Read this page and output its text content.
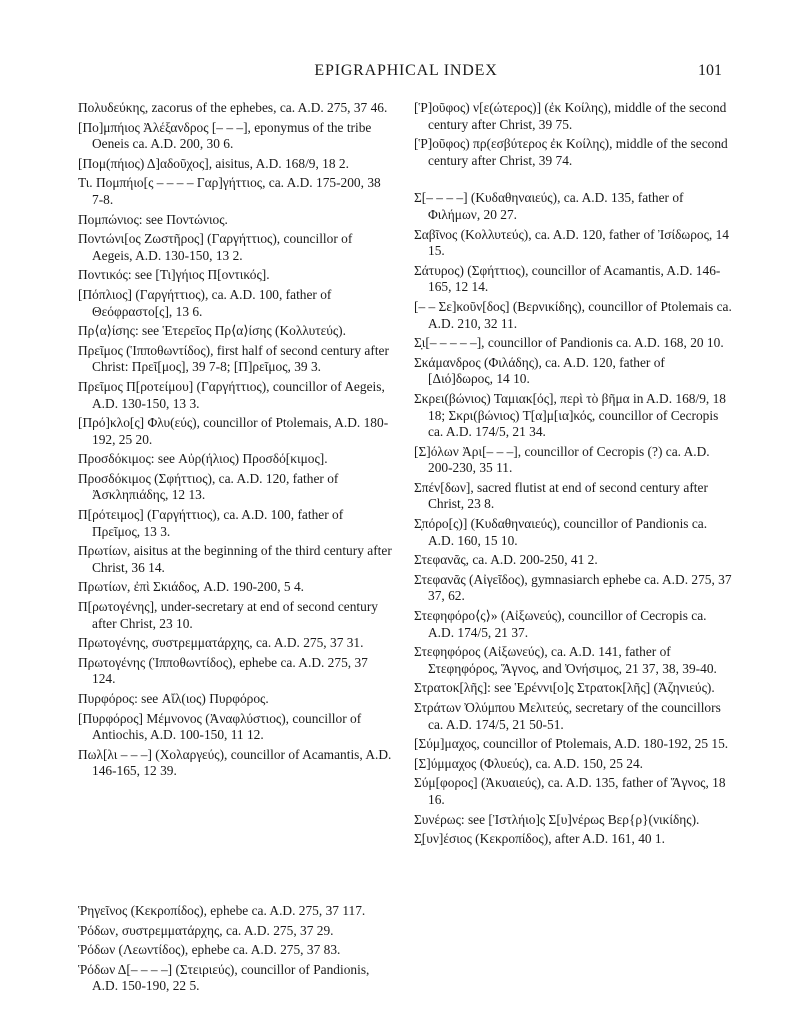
EPIGRAPHICAL INDEX	101
Πολυδεύκης, zacorus of the ephebes, ca. A.D. 275, 37 46.
[Πο]μπήιος Ἀλέξανδρος [– – –], eponymus of the tribe Oeneis ca. A.D. 200, 30 6.
[Πομ(πήιος) Δ]αδοῦχος], aisitus, A.D. 168/9, 18 2.
Τι. Πομπήιο[ς – – – – Γαρ]γήττιος, ca. A.D. 175-200, 38 7-8.
Πομπώνιος: see Ποντώνιος.
Ποντώνι[ος Ζωστῆρος] (Γαργήττιος), councillor of Aegeis, A.D. 130-150, 13 2.
Ποντικός: see [Τι]γήιος Π[οντικός].
[Πόπλιος] (Γαργήττιος), ca. A.D. 100, father of Θεόφραστο[ς], 13 6.
Πρ⟨α⟩ίσης: see Ἑτερεῖος Πρ⟨α⟩ίσης (Κολλυτεύς).
Πρεῖμος (Ἱπποθωντίδος), first half of second century after Christ: Πρεῖ[μος], 39 7-8; [Π]ρεῖμος, 39 3.
Πρεῖμος Π[ροτείμου] (Γαργήττιος), councillor of Aegeis, A.D. 130-150, 13 3.
[Πρό]κλο[ς] Φλυ(εύς), councillor of Ptolemais, A.D. 180-192, 25 20.
Προσδόκιμος: see Αὐρ(ήλιος) Προσδό[κιμος].
Προσδόκιμος (Σφήττιος), ca. A.D. 120, father of Ἀσκληπιάδης, 12 13.
Π[ρότειμος] (Γαργήττιος), ca. A.D. 100, father of Πρεῖμος, 13 3.
Πρωτίων, aisitus at the beginning of the third century after Christ, 36 14.
Πρωτίων, ἐπὶ Σκιάδος, A.D. 190-200, 5 4.
Π[ρωτογένης], under-secretary at end of second century after Christ, 23 10.
Πρωτογένης, συστρεμματάρχης, ca. A.D. 275, 37 31.
Πρωτογένης (Ἱπποθωντίδος), ephebe ca. A.D. 275, 37 124.
Πυρφόρος: see Αἴλ(ιος) Πυρφόρος.
[Πυρφόρος] Μέμνονος (Ἀναφλύστιος), councillor of Antiochis, A.D. 100-150, 11 12.
Πωλ[λι – – –] (Χολαργεύς), councillor of Acamantis, A.D. 146-165, 12 39.
Ῥηγεῖνος (Κεκροπίδος), ephebe ca. A.D. 275, 37 117.
Ῥόδων, συστρεμματάρχης, ca. A.D. 275, 37 29.
Ῥόδων (Λεωντίδος), ephebe ca. A.D. 275, 37 83.
Ῥόδων Δ[– – – –] (Στειριεύς), councillor of Pandionis, A.D. 150-190, 22 5.
[Ῥ]οῦφος) ν[ε(ώτερος)] (ἐκ Κοίλης), middle of the second century after Christ, 39 75.
[Ῥ]οῦφος) πρ(εσβύτερος ἐκ Κοίλης), middle of the second century after Christ, 39 74.
Σ[– – – –] (Κυδαθηναιεύς), ca. A.D. 135, father of Φιλήμων, 20 27.
Σαβῖνος (Κολλυτεύς), ca. A.D. 120, father of Ἰσίδωρος, 14 15.
Σάτυρος) (Σφήττιος), councillor of Acamantis, A.D. 146-165, 12 14.
[– – Σε]κοῦν[δος] (Βερνικίδης), councillor of Ptolemais ca. A.D. 210, 32 11.
Σ̣ι[– – – – –], councillor of Pandionis ca. A.D. 168, 20 10.
Σκάμανδρος (Φιλάδης), ca. A.D. 120, father of [Διό]δωρος, 14 10.
Σκρει(βώνιος) Ταμιακ[ός], περὶ τὸ βῆμα in A.D. 168/9, 18 18; Σκρι(βώνιος) Τ[α]μ[ια]κός, councillor of Cecropis ca. A.D. 174/5, 21 34.
[Σ]όλων Ἀρι[– – –], councillor of Cecropis (?) ca. A.D. 200-230, 35 11.
Σπέν[δων], sacred flutist at end of second century after Christ, 23 8.
Σ̣πόρο[ς)] (Κυδαθηναιεύς), councillor of Pandionis ca. A.D. 160, 15 10.
Στεφανᾶς, ca. A.D. 200-250, 41 2.
Στεφανᾶς (Αἰγεῖδος), gymnasiarch ephebe ca. A.D. 275, 37 37, 62.
Στεφηφόρο⟨ς⟩» (Αἰξωνεύς), councillor of Cecropis ca. A.D. 174/5, 21 37.
Στεφηφόρος (Αἰξωνεύς), ca. A.D. 141, father of Στεφηφόρος, Ἅγνος, and Ὀνήσιμος, 21 37, 38, 39-40.
Στρατοκ[λῆς]: see Ἑ̣ρέννι[ο]ς Στρατοκ[λῆς] (Ἀζηνιεύς).
Στράτων Ὀλύμπου Μελιτεύς, secretary of the councillors ca. A.D. 174/5, 21 50-51.
[Σύμ]μαχος, councillor of Ptolemais, A.D. 180-192, 25 15.
[Σ]ύμμαχος (Φλυεύς), ca. A.D. 150, 25 24.
Σύμ[φορος] (Ἀκυαιεύς), ca. A.D. 135, father of Ἅγνος, 18 16.
Συνέρως: see [Ἰστλήιο]ς Σ[υ]νέρως Βερ{ρ}(νικίδης).
Σ̣[υν]έσιος (Κεκροπίδος), after A.D. 161, 40 1.
